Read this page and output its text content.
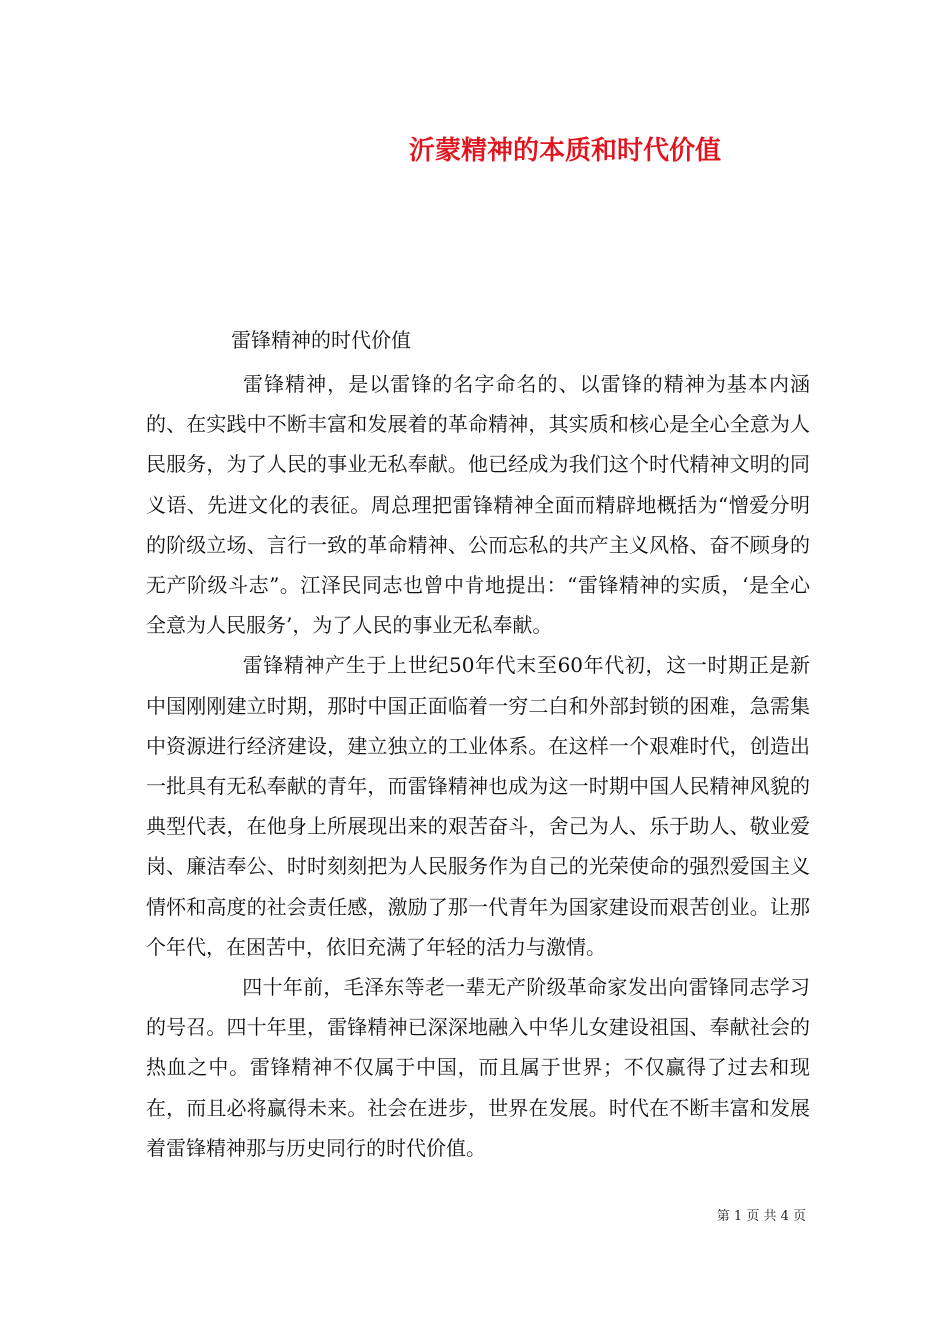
沂蒙精神的本质和时代价值
雷锋精神的时代价值

雷锋精神，是以雷锋的名字命名的、以雷锋的精神为基本内涵的、在实践中不断丰富和发展着的革命精神，其实质和核心是全心全意为人民服务，为了人民的事业无私奉献。他已经成为我们这个时代精神文明的同义语、先进文化的表征。周总理把雷锋精神全面而精辟地概括为“憎爱分明的阶级立场、言行一致的革命精神、公而忘私的共产主义风格、奋不顾身的无产阶级斗志”。江泽民同志也曾中肯地提出：“雷锋精神的实质，‘是全心全意为人民服务’，为了人民的事业无私奉献。

雷锋精神产生于上世纪50年代末至60年代初，这一时期正是新中国刚刚建立时期，那时中国正面临着一穷二白和外部封锁的困难，急需集中资源进行经济建设，建立独立的工业体系。在这样一个艰难时代，创造出一批具有无私奉献的青年，而雷锋精神也成为这一时期中国人民精神风貌的典型代表，在他身上所展现出来的艰苦奋斗，舍己为人、乐于助人、敬业爱岗、廉洁奉公、时时刻刻把为人民服务作为自己的光荣使命的强烈爱国主义情怀和高度的社会责任感，激励了那一代青年为国家建设而艰苦创业。让那个年代，在困苦中，依旧充满了年轻的活力与激情。

四十年前，毛泽东等老一辈无产阶级革命家发出向雷锋同志学习的号召。四十年里，雷锋精神已深深地融入中华儿女建设祖国、奉献社会的热血之中。雷锋精神不仅属于中国，而且属于世界；不仅赢得了过去和现在，而且必将赢得未来。社会在进步，世界在发展。时代在不断丰富和发展着雷锋精神那与历史同行的时代价值。

第 1 页 共 4 页
